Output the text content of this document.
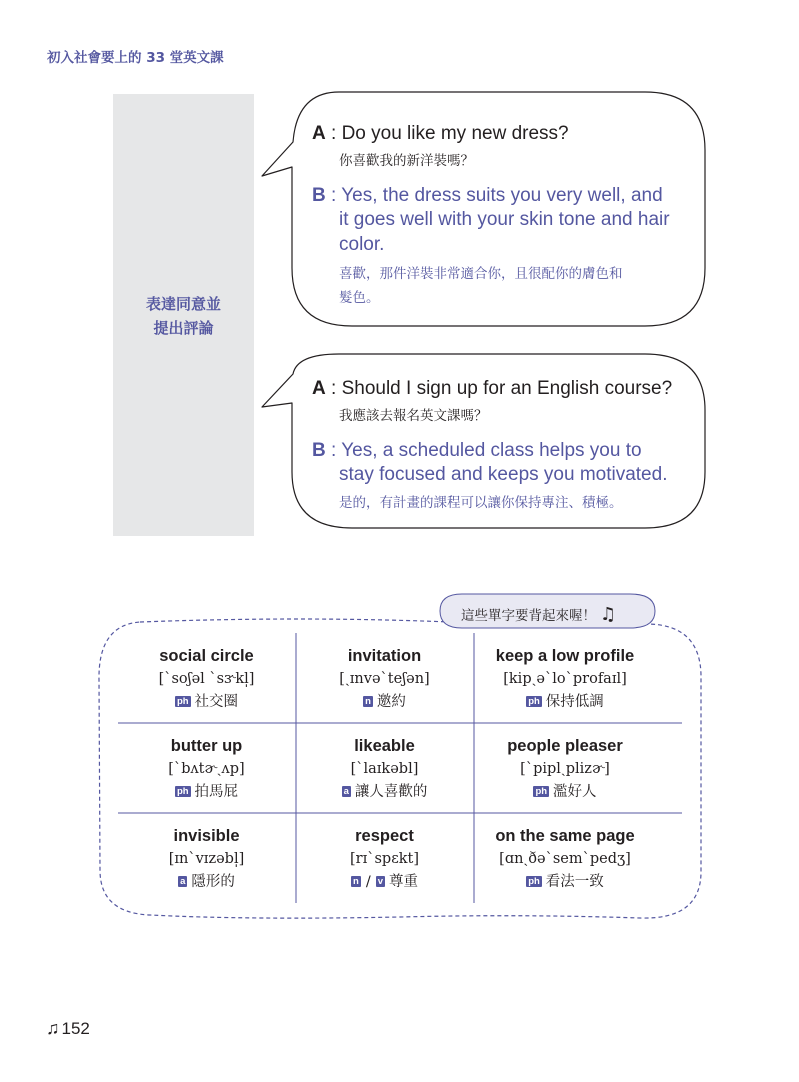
初入社會要上的 33 堂英文課
表達同意並
提出評論
A : Do you like my new dress?
你喜歡我的新洋裝嗎？
B : Yes, the dress suits you very well, and
it goes well with your skin tone and hair
color.
喜歡，那件洋裝非常適合你，且很配你的膚色和
髮色。
A : Should I sign up for an English course?
我應該去報名英文課嗎？
B : Yes, a scheduled class helps you to
stay focused and keeps you motivated.
是的，有計畫的課程可以讓你保持專注、積極。
這些單字要背起來喔！ ♫
social circle
[ˋsoʃəl ˋsɝkl̩]
ph 社交圈
invitation
[ˏɪnvəˋteʃən]
n 邀約
keep a low profile
[kipˏəˋloˋprofaɪl]
ph 保持低調
butter up
[ˋbʌtɚˏʌp]
ph 拍馬屁
likeable
[ˋlaɪkəbl]
a 讓人喜歡的
people pleaser
[ˋpiplˏplizɚ]
ph 濫好人
invisible
[ɪnˋvɪzəbl̩]
a 隱形的
respect
[rɪˋspɛkt]
n / v 尊重
on the same page
[ɑnˏðəˋsemˋpedʒ]
ph 看法一致
♫ 152
